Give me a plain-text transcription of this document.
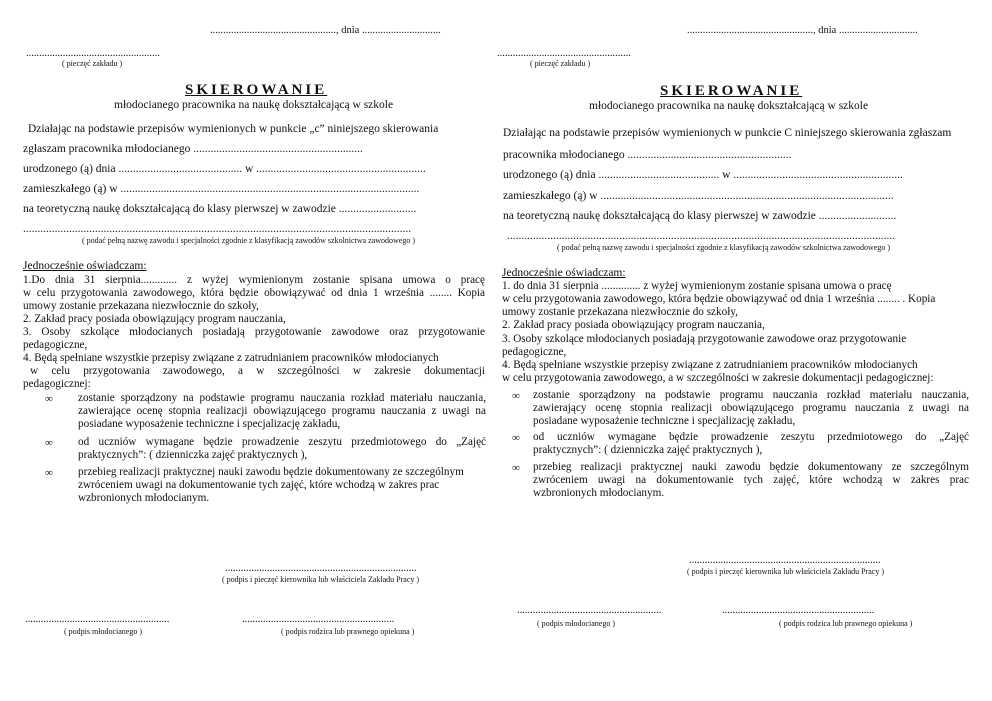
................................................, dnia ..............................
...................................................
( pieczęć zakładu )
SKIEROWANIE
młodocianego pracownika na naukę dokształcającą w szkole
Działając na podstawie przepisów wymienionych w punkcie „c” niniejszego skierowania
zgłaszam pracownika młodocianego ...........................................................
urodzonego (ą) dnia ........................................... w ...........................................................
zamieszkałego (ą) w ........................................................................................................
na teoretyczną naukę dokształcającą do klasy pierwszej w zawodzie ...........................
.......................................................................................................................................
( podać pełną nazwę zawodu i specjalności zgodnie z klasyfikacją zawodów szkolnictwa zawodowego )
Jednocześnie oświadczam:
1.Do dnia 31 sierpnia............. z wyżej wymienionym zostanie spisana umowa o pracę
w celu przygotowania zawodowego, która będzie obowiązywać od dnia 1 września ........ Kopia
umowy zostanie przekazana niezwłocznie do szkoły,
2. Zakład pracy posiada obowiązujący program nauczania,
3. Osoby szkolące młodocianych posiadają przygotowanie zawodowe oraz przygotowanie
pedagogiczne,
4. Będą spełniane wszystkie przepisy związane z zatrudnianiem pracowników młodocianych
w celu przygotowania zawodowego, a w szczególności w zakresie dokumentacji
pedagogicznej:
∞ zostanie sporządzony na podstawie programu nauczania rozkład materiału nauczania,
zawierające ocenę stopnia realizacji obowiązującego programu nauczania z uwagi na
posiadane wyposażenie techniczne i specjalizację zakładu,
∞ od uczniów wymagane będzie prowadzenie zeszytu przedmiotowego do „Zajęć
praktycznych”: ( dzienniczka zajęć praktycznych ),
∞ przebieg realizacji praktycznej nauki zawodu będzie dokumentowany ze szczególnym
zwróceniem uwagi na dokumentowanie tych zajęć, które wchodzą w zakres prac
wzbronionych młodocianym.
.........................................................................
( podpis i pieczęć kierownika lub właściciela Zakładu Pracy )
.......................................................
( podpis młodocianego )
..........................................................
( podpis rodzica lub prawnego opiekuna )
................................................, dnia ..............................
...................................................
( pieczęć zakładu )
SKIEROWANIE
młodocianego pracownika na naukę dokształcającą w szkole
Działając na podstawie przepisów wymienionych w punkcie C niniejszego skierowania zgłaszam
pracownika młodocianego .........................................................
urodzonego (ą) dnia .......................................... w ...........................................................
zamieszkałego (ą) w ......................................................................................................
na teoretyczną naukę dokształcającą do klasy pierwszej w zawodzie ...........................
.......................................................................................................................................
( podać pełną nazwę zawodu i specjalności zgodnie z klasyfikacją zawodów szkolnictwa zawodowego )
Jednocześnie oświadczam:
1. do dnia 31 sierpnia .............. z wyżej wymienionym zostanie spisana umowa o pracę
w celu przygotowania zawodowego, która będzie obowiązywać od dnia 1 września ........ . Kopia
umowy zostanie przekazana niezwłocznie do szkoły,
2. Zakład pracy posiada obowiązujący program nauczania,
3. Osoby szkolące młodocianych posiadają przygotowanie zawodowe oraz przygotowanie
pedagogiczne,
4. Będą spełniane wszystkie przepisy związane z zatrudnianiem pracowników młodocianych
w celu przygotowania zawodowego, a w szczególności w zakresie dokumentacji pedagogicznej:
∞ zostanie sporządzony na podstawie programu nauczania rozkład materiału nauczania,
zawierający ocenę stopnia realizacji obowiązującego programu nauczania z uwagi na
posiadane wyposażenie techniczne i specjalizację zakładu,
∞ od uczniów wymagane będzie prowadzenie zeszytu przedmiotowego do „Zajęć
praktycznych”: ( dzienniczka zajęć praktycznych ),
∞ przebieg realizacji praktycznej nauki zawodu będzie dokumentowany ze szczególnym
zwróceniem uwagi na dokumentowanie tych zajęć, które wchodzą w zakres prac
wzbronionych młodocianym.
.........................................................................
( podpis i pieczęć kierownika lub właściciela Zakładu Pracy )
.......................................................
( podpis młodocianego )
..........................................................
( podpis rodzica lub prawnego opiekuna )
